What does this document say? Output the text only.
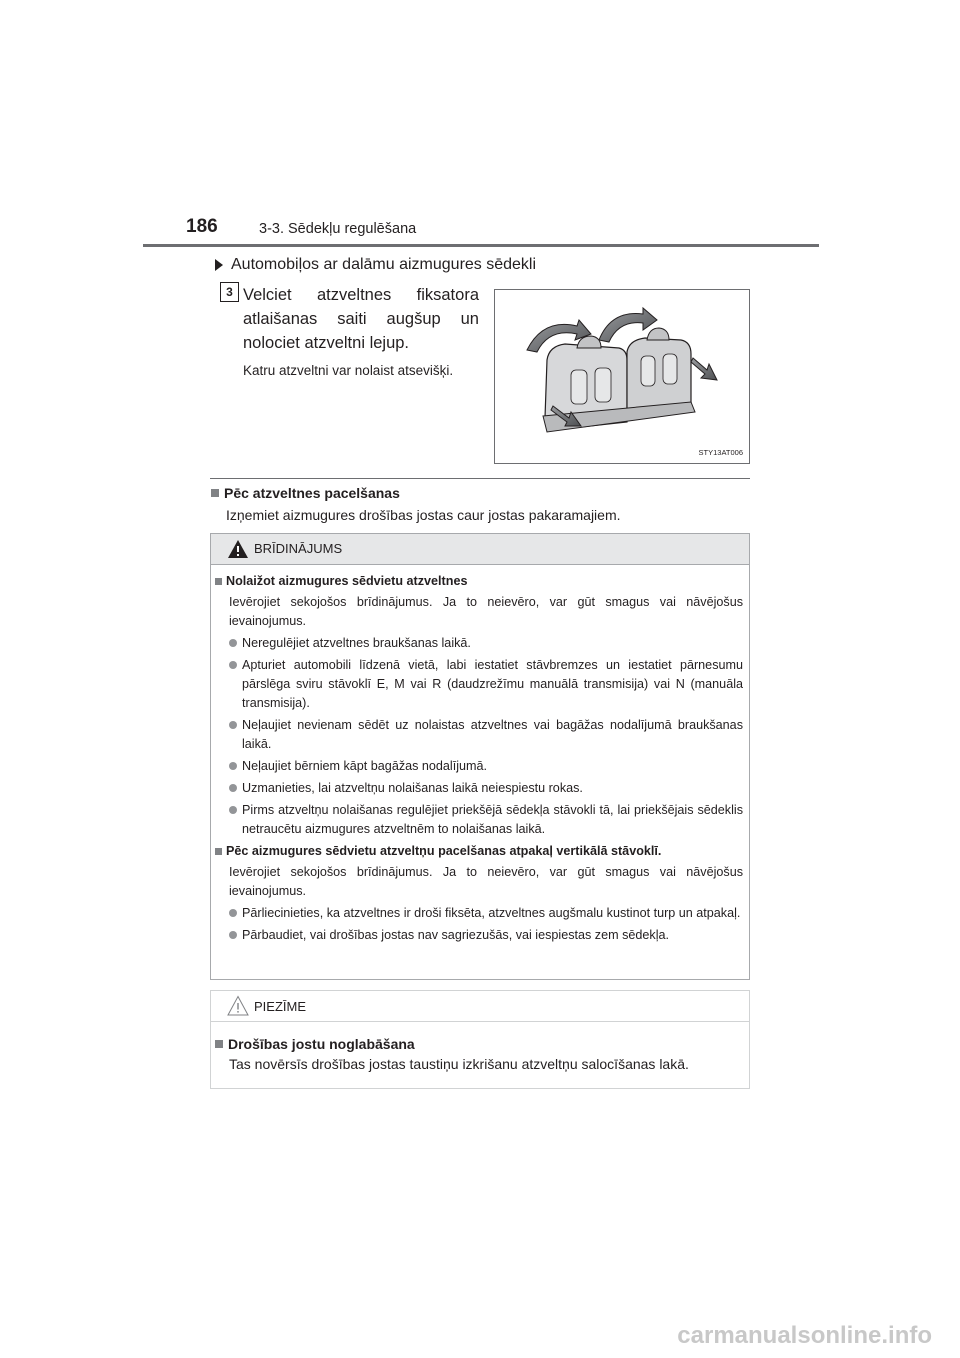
186	3-3. Sēdekļu regulēšana
Automobiļos ar dalāmu aizmugures sēdekli
3 Velciet atzveltnes fiksatora atlaišanas saiti augšup un nolociet atzveltni lejup.
Katru atzveltni var nolaist atsevišķi.
STY13AT006
Pēc atzveltnes pacelšanas
Izņemiet aizmugures drošības jostas caur jostas pakaramajiem.
BRĪDINĀJUMS
Nolaižot aizmugures sēdvietu atzveltnes
Ievērojiet sekojošos brīdinājumus. Ja to neievēro, var gūt smagus vai nāvējošus ievainojumus.
Neregulējiet atzveltnes braukšanas laikā.
Apturiet automobili līdzenā vietā, labi iestatiet stāvbremzes un iestatiet pārnesumu pārslēga sviru stāvoklī E, M vai R (daudzrežīmu manuālā transmisija) vai N (manuāla transmisija).
Neļaujiet nevienam sēdēt uz nolaistas atzveltnes vai bagāžas nodalījumā braukšanas laikā.
Neļaujiet bērniem kāpt bagāžas nodalījumā.
Uzmanieties, lai atzveltņu nolaišanas laikā neiespiestu rokas.
Pirms atzveltņu nolaišanas regulējiet priekšējā sēdekļa stāvokli tā, lai priekšējais sēdeklis netraucētu aizmugures atzveltnēm to nolaišanas laikā.
Pēc aizmugures sēdvietu atzveltņu pacelšanas atpakaļ vertikālā stāvoklī.
Ievērojiet sekojošos brīdinājumus. Ja to neievēro, var gūt smagus vai nāvējošus ievainojumus.
Pārliecinieties, ka atzveltnes ir droši fiksēta, atzveltnes augšmalu kustinot turp un atpakaļ.
Pārbaudiet, vai drošības jostas nav sagriezušās, vai iespiestas zem sēdekļa.
PIEZĪME
Drošības jostu noglabāšana
Tas novērsīs drošības jostas taustiņu izkrišanu atzveltņu salocīšanas lakā.
carmanualsonline.info
